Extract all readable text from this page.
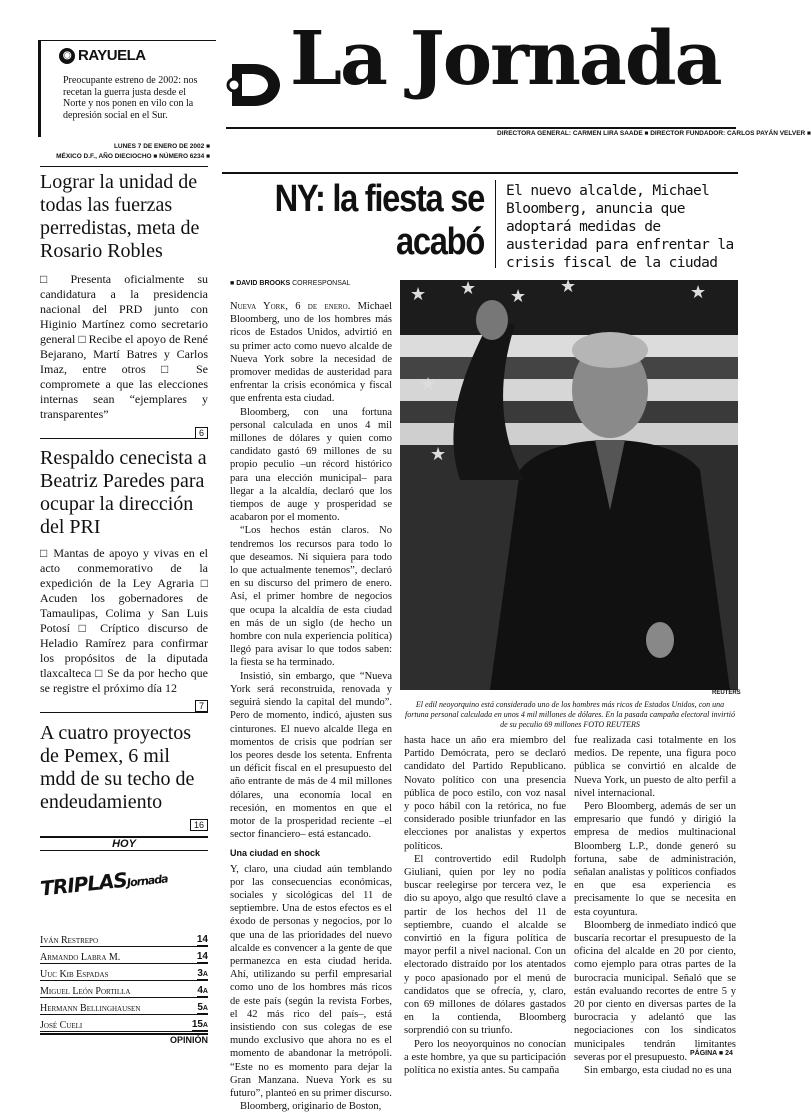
◉ RAYUELA
Preocupante estreno de 2002: nos recetan la guerra justa desde el Norte y nos ponen en vilo con la depresión social en el Sur.
La Jornada
DIRECTORA GENERAL: CARMEN LIRA SAADE ■ DIRECTOR FUNDADOR: CARLOS PAYÁN VELVER ■
LUNES 7 DE ENERO DE 2002 ■
MÉXICO D.F., AÑO DIECIOCHO ■ NÚMERO 6234 ■
Lograr la unidad de todas las fuerzas perredistas, meta de Rosario Robles
□ Presenta oficialmente su candidatura a la presidencia nacional del PRD junto con Higinio Martínez como secretario general □ Recibe el apoyo de René Bejarano, Martí Batres y Carlos Imaz, entre otros □ Se compromete a que las elecciones internas sean “ejemplares y transparentes”
6
Respaldo cenecista a Beatriz Paredes para ocupar la dirección del PRI
□ Mantas de apoyo y vivas en el acto conmemorativo de la expedición de la Ley Agraria □ Acuden los gobernadores de Tamaulipas, Colima y San Luis Potosí □ Críptico discurso de Heladio Ramírez para confirmar los propósitos de la diputada tlaxcalteca □ Se da por hecho que se registre el próximo día 12
7
A cuatro proyectos de Pemex, 6 mil mdd de su techo de endeudamiento
16
HOY
TRIPLASJornada
Iván Restrepo	14
Armando Labra M.	14
Uuc Kib Espadas	3a
Miguel León Portilla	4a
Hermann Bellinghausen	5a
José Cueli	15a
OPINIÓN
NY: la fiesta se acabó
El nuevo alcalde, Michael Bloomberg, anuncia que adoptará medidas de austeridad para enfrentar la crisis fiscal de la ciudad
■ DAVID BROOKS CORRESPONSAL

Nueva York, 6 de enero. Michael Bloomberg, uno de los hombres más ricos de Estados Unidos, advirtió en su primer acto como nuevo alcalde de Nueva York sobre la necesidad de promover medidas de austeridad para enfrentar la crisis económica y fiscal que enfrenta esta ciudad.

Bloomberg, con una fortuna personal calculada en unos 4 mil millones de dólares y quien como candidato gastó 69 millones de su propio peculio –un récord histórico para una elección municipal– para llegar a la alcaldía, declaró que los tiempos de auge y prosperidad se acabaron por el momento.

“Los hechos están claros. No tendremos los recursos para todo lo que deseamos. Ni siquiera para todo lo que actualmente tenemos”, declaró en su discurso del primero de enero. Así, el primer hombre de negocios que ocupa la alcaldía de esta ciudad en más de un siglo (de hecho un hombre con nula experiencia política) llegó para avisar lo que todos saben: la fiesta se ha terminado.

Insistió, sin embargo, que “Nueva York será reconstruida, renovada y seguirá siendo la capital del mundo”. Pero de momento, indicó, ajusten sus cinturones. El nuevo alcalde llega en momentos de crisis que podrían ser los peores desde los setenta. Enfrenta un déficit fiscal en el presupuesto del año entrante de más de 4 mil millones dólares, una economía local en recesión, en momentos en que el motor de la prosperidad reciente –el sector financiero– está estancado.

Una ciudad en shock

Y, claro, una ciudad aún temblando por las consecuencias económicas, sociales y sicológicas del 11 de septiembre. Una de estos efectos es el éxodo de personas y negocios, por lo que una de las prioridades del nuevo alcalde es convencer a la gente de que permanezca en esta ciudad herida. Ahí, utilizando su perfil empresarial como uno de los hombres más ricos de este país (según la revista Forbes, el 42 más rico del país–, está insistiendo con sus colegas de ese mundo exclusivo que ahora no es el momento de abandonar la metrópoli. “Este no es momento para dejar la Gran Manzana. Nueva York es su futuro”, planteó en su primer discurso.

Bloomberg, originario de Boston,

★ ★ ★ ★	★
★
★
REUTERS
El edil neoyorquino está considerado uno de los hombres más ricos de Estados Unidos, con una fortuna personal calculada en unos 4 mil millones de dólares. En la pasada campaña electoral invirtió de su peculio 69 millones FOTO REUTERS

hasta hace un año era miembro del Partido Demócrata, pero se declaró candidato del Partido Republicano. Novato político con una presencia pública de poco estilo, con voz nasal y poco hábil con la retórica, no fue considerado posible triunfador en las elecciones por analistas y expertos políticos.

El controvertido edil Rudolph Giuliani, quien por ley no podía buscar reelegirse por tercera vez, le dio su apoyo, algo que resultó clave a partir de los hechos del 11 de septiembre, cuando el alcalde se convirtió en la figura política de mayor perfil a nivel nacional. Con un electorado distraído por los atentados y poco apasionado por el menú de candidatos que se ofrecía, y, claro, con 69 millones de dólares gastados en la contienda, Bloomberg sorprendió con su triunfo.

Pero los neoyorquinos no conocían a este hombre, ya que su participación política no existía antes. Su campaña

fue realizada casi totalmente en los medios. De repente, una figura poco pública se convirtió en alcalde de Nueva York, un puesto de alto perfil a nivel internacional.

Pero Bloomberg, además de ser un empresario que fundó y dirigió la empresa de medios multinacional Bloomberg L.P., donde generó su fortuna, sabe de administración, señalan analistas y políticos confiados en que esa experiencia es precisamente lo que se necesita en esta coyuntura.

Bloomberg de inmediato indicó que buscaría recortar el presupuesto de la oficina del alcalde en 20 por ciento, como ejemplo para otras partes de la burocracia municipal. Señaló que se están evaluando recortes de entre 5 y 20 por ciento en diversas partes de la burocracia y adelantó que las negociaciones con los sindicatos municipales tendrán limitantes severas por el presupuesto.

Sin embargo, esta ciudad no es una

PÁGINA ■ 24
